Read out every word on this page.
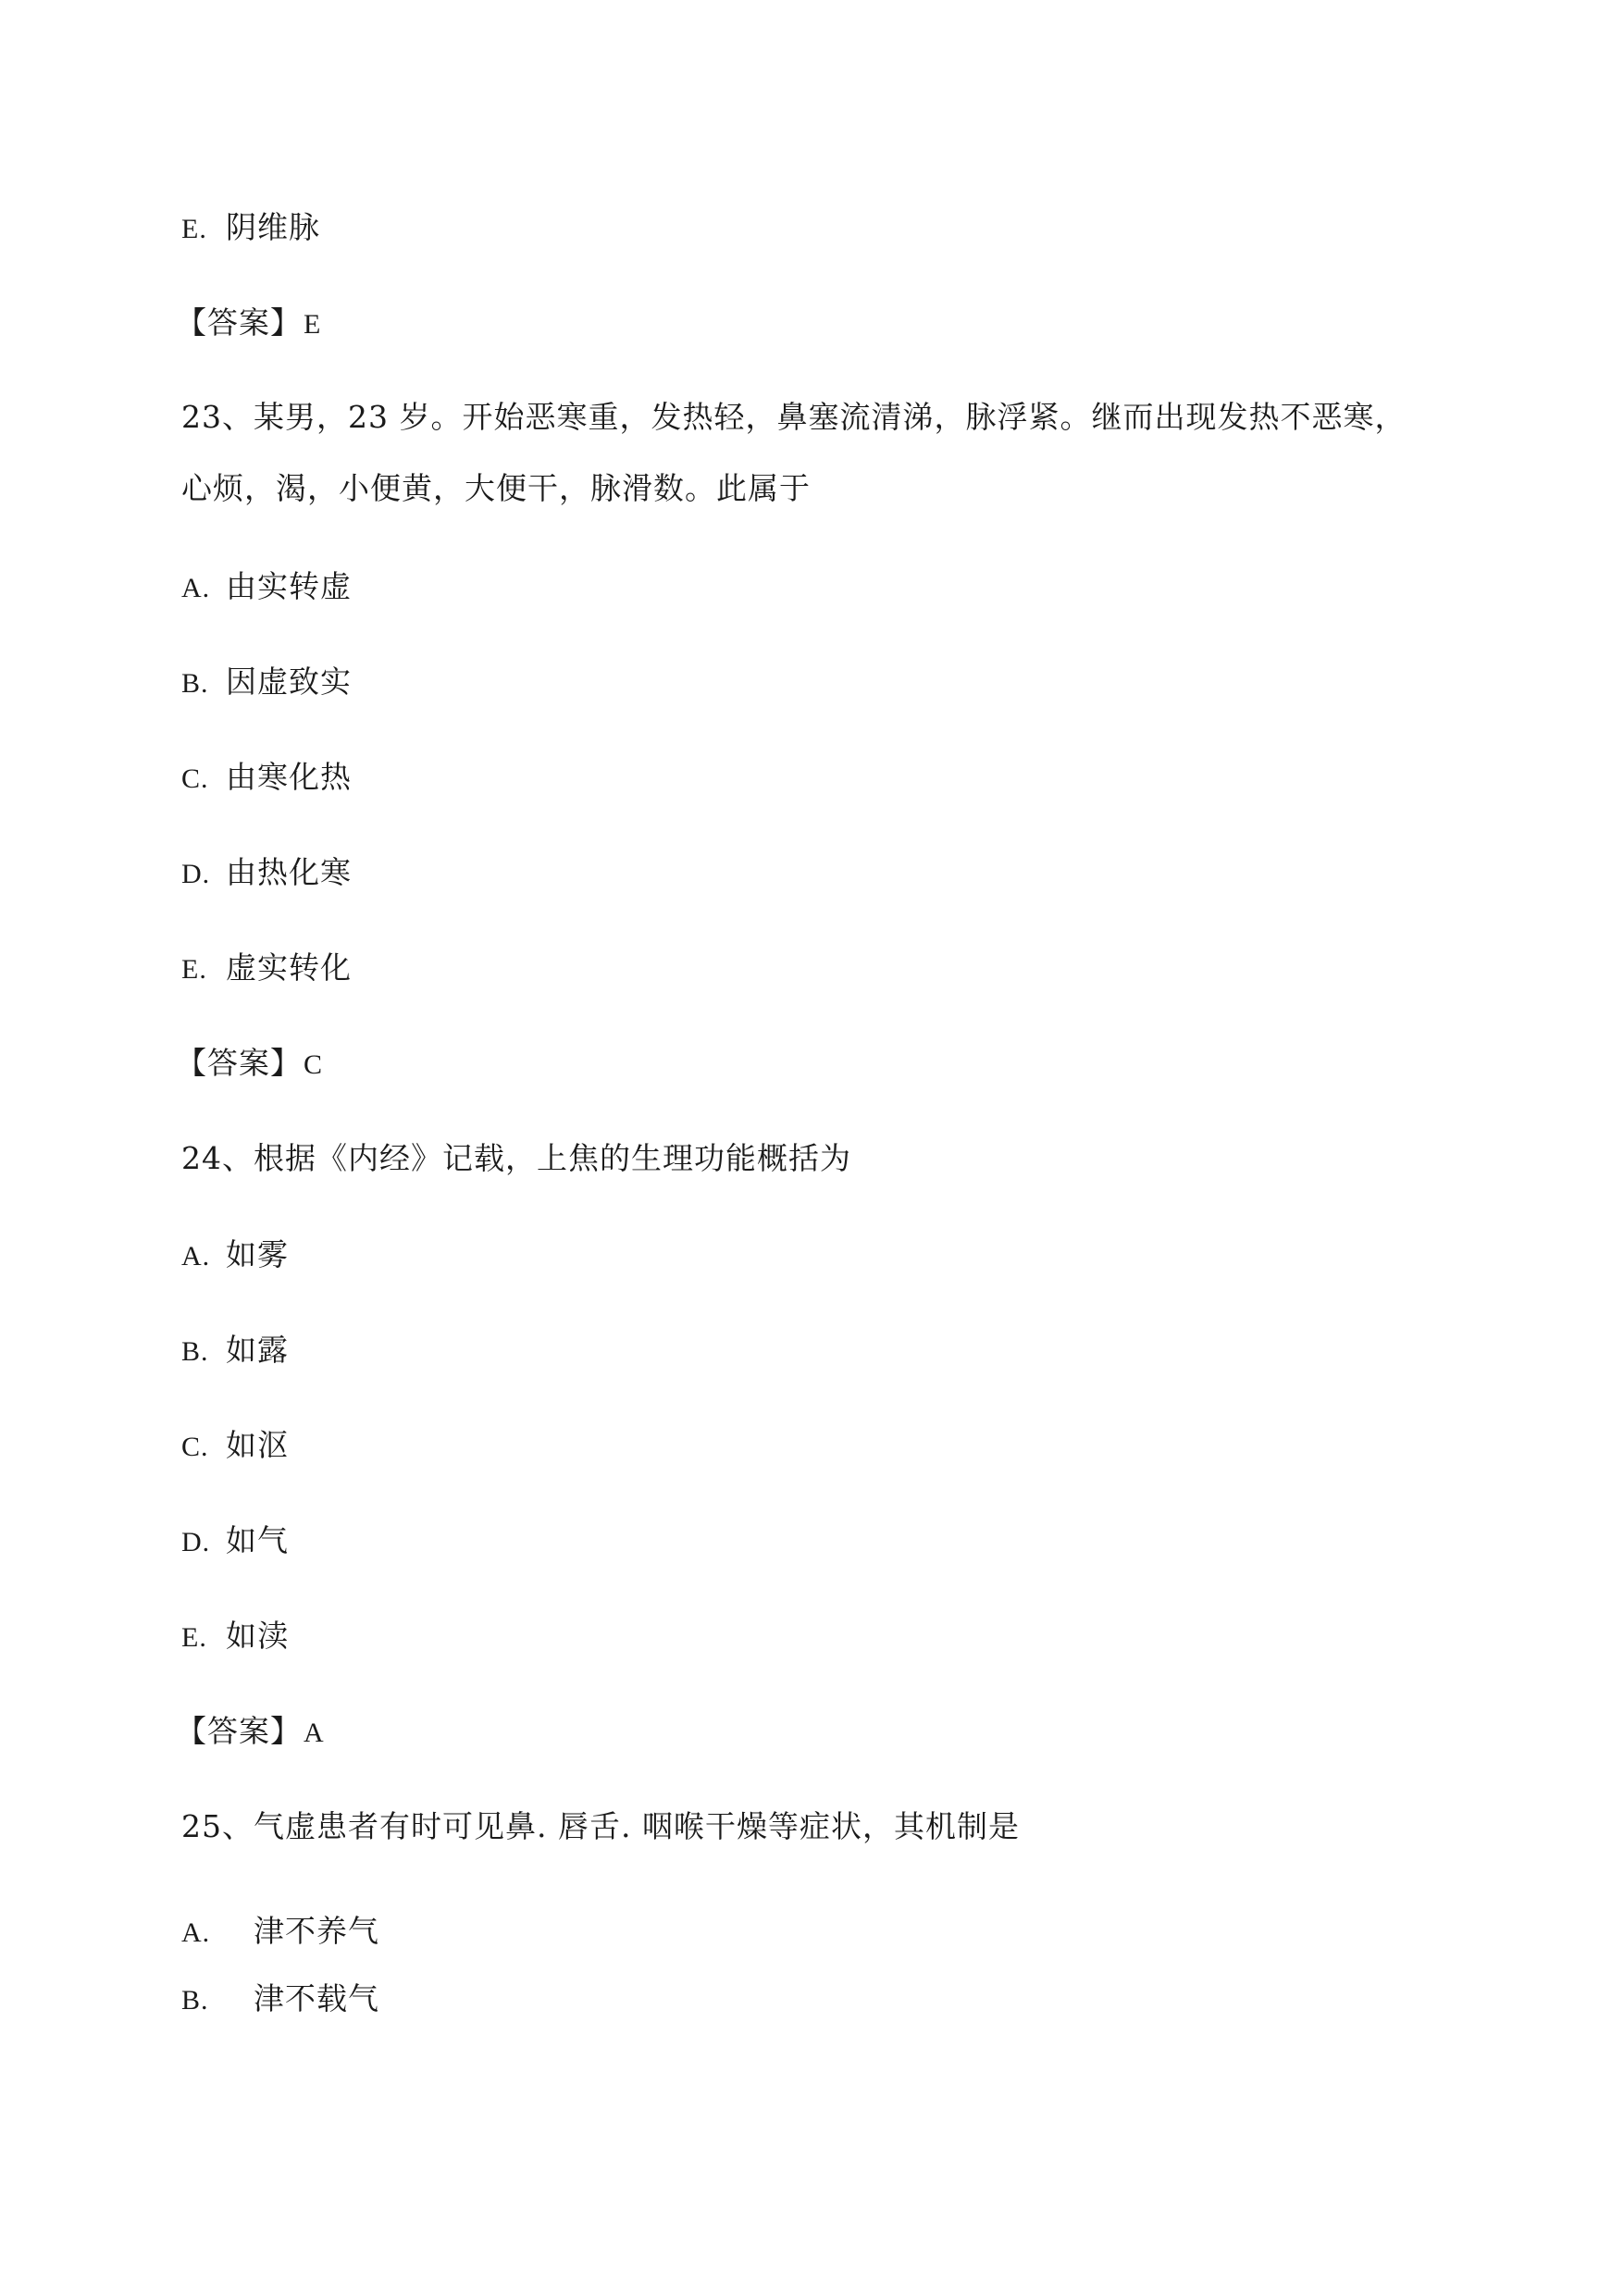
E. 阴维脉
【答案】E
23、某男，23 岁。开始恶寒重，发热轻，鼻塞流清涕，脉浮紧。继而出现发热不恶寒，
心烦，渴，小便黄，大便干，脉滑数。此属于
A. 由实转虚
B. 因虚致实
C. 由寒化热
D. 由热化寒
E. 虚实转化
【答案】C
24、根据《内经》记载，上焦的生理功能概括为
A. 如雾
B. 如露
C. 如沤
D. 如气
E. 如渎
【答案】A
25、气虚患者有时可见鼻. 唇舌. 咽喉干燥等症状，其机制是
A. 津不养气
B. 津不载气
